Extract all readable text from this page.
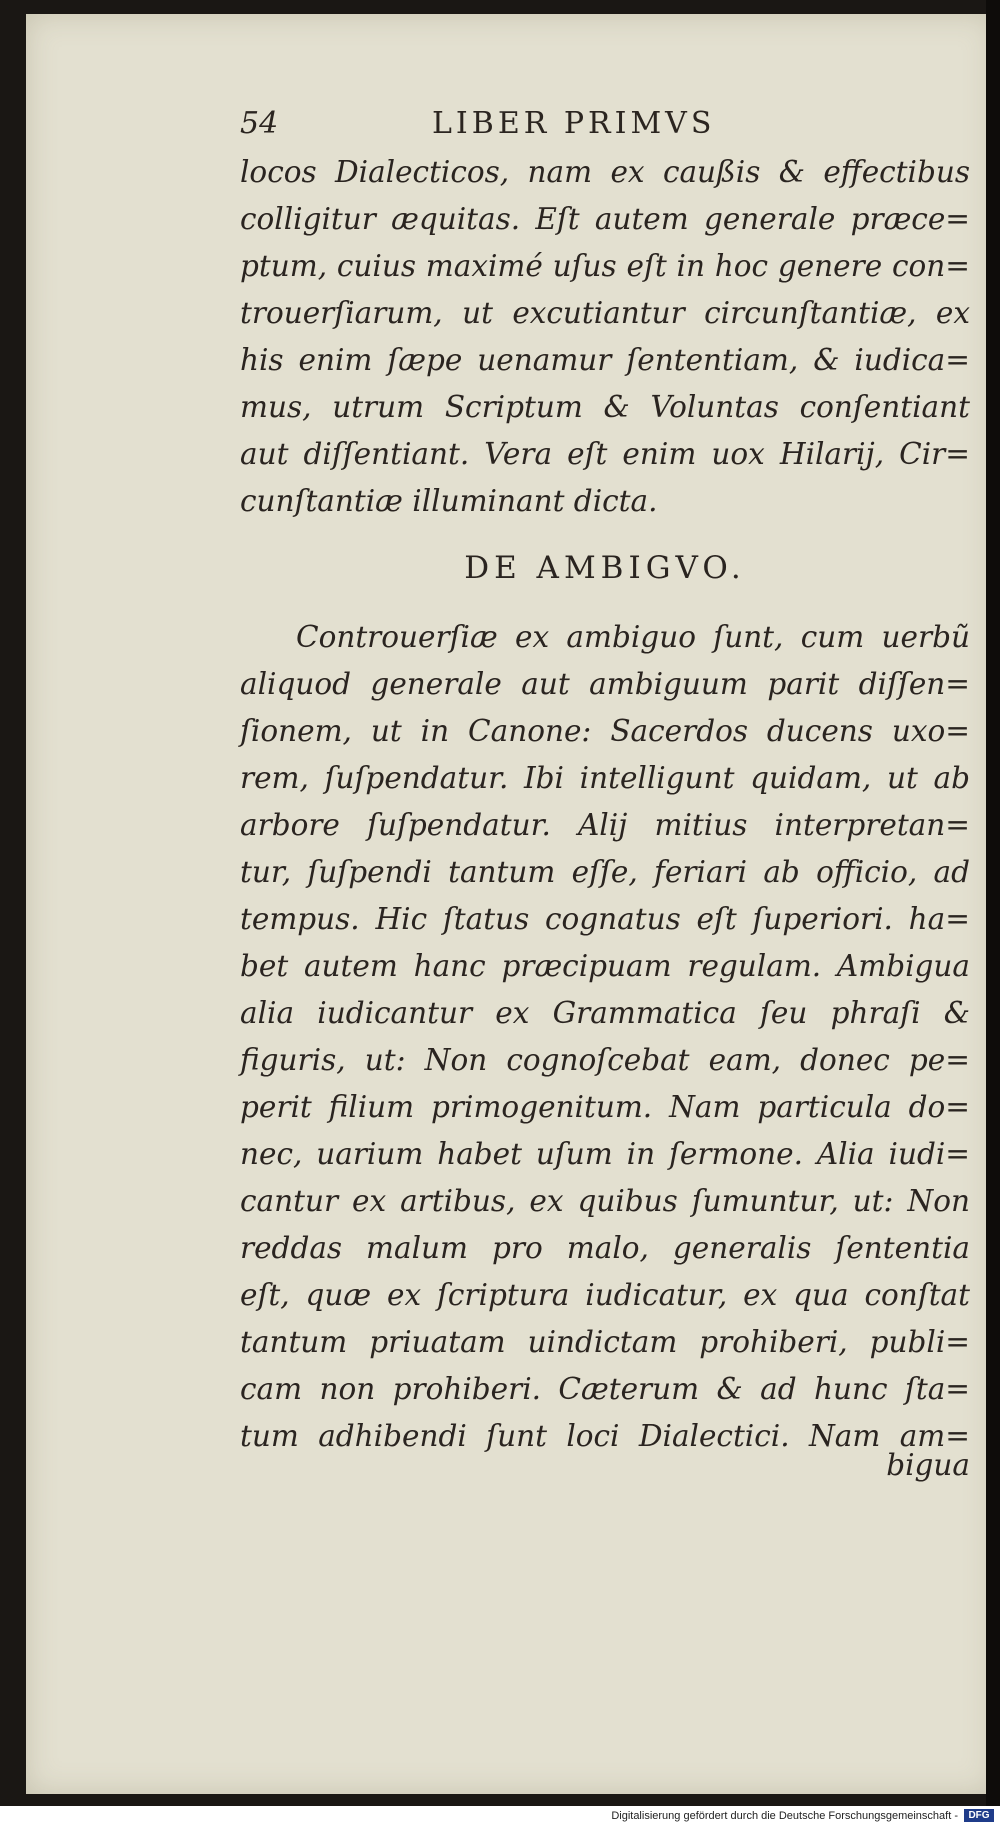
54	LIBER PRIMVS
locos Dialecticos, nam ex caußis & effectibus
colligitur æquitas. Eſt autem generale præce=
ptum, cuius maximé uſus eſt in hoc genere con=
trouerſiarum, ut excutiantur circunſtantiæ, ex
his enim ſæpe uenamur ſententiam, & iudica=
mus, utrum Scriptum & Voluntas conſentiant
aut diſſentiant. Vera eſt enim uox Hilarij, Cir=
cunſtantiæ illuminant dicta.
DE AMBIGVO.
Controuerſiæ ex ambiguo ſunt, cum uerbũ
aliquod generale aut ambiguum parit diſſen=
ſionem, ut in Canone: Sacerdos ducens uxo=
rem, ſuſpendatur. Ibi intelligunt quidam, ut ab
arbore ſuſpendatur. Alij mitius interpretan=
tur, ſuſpendi tantum eſſe, feriari ab officio, ad
tempus. Hic ſtatus cognatus eſt ſuperiori. ha=
bet autem hanc præcipuam regulam. Ambigua
alia iudicantur ex Grammatica ſeu phraſi &
figuris, ut: Non cognoſcebat eam, donec pe=
perit filium primogenitum. Nam particula do=
nec, uarium habet uſum in ſermone. Alia iudi=
cantur ex artibus, ex quibus ſumuntur, ut: Non
reddas malum pro malo, generalis ſententia
eſt, quæ ex ſcriptura iudicatur, ex qua conſtat
tantum priuatam uindictam prohiberi, publi=
cam non prohiberi. Cæterum & ad hunc ſta=
tum adhibendi ſunt loci Dialectici. Nam am=
bigua
Digitalisierung gefördert durch die Deutsche Forschungsgemeinschaft -	DFG
